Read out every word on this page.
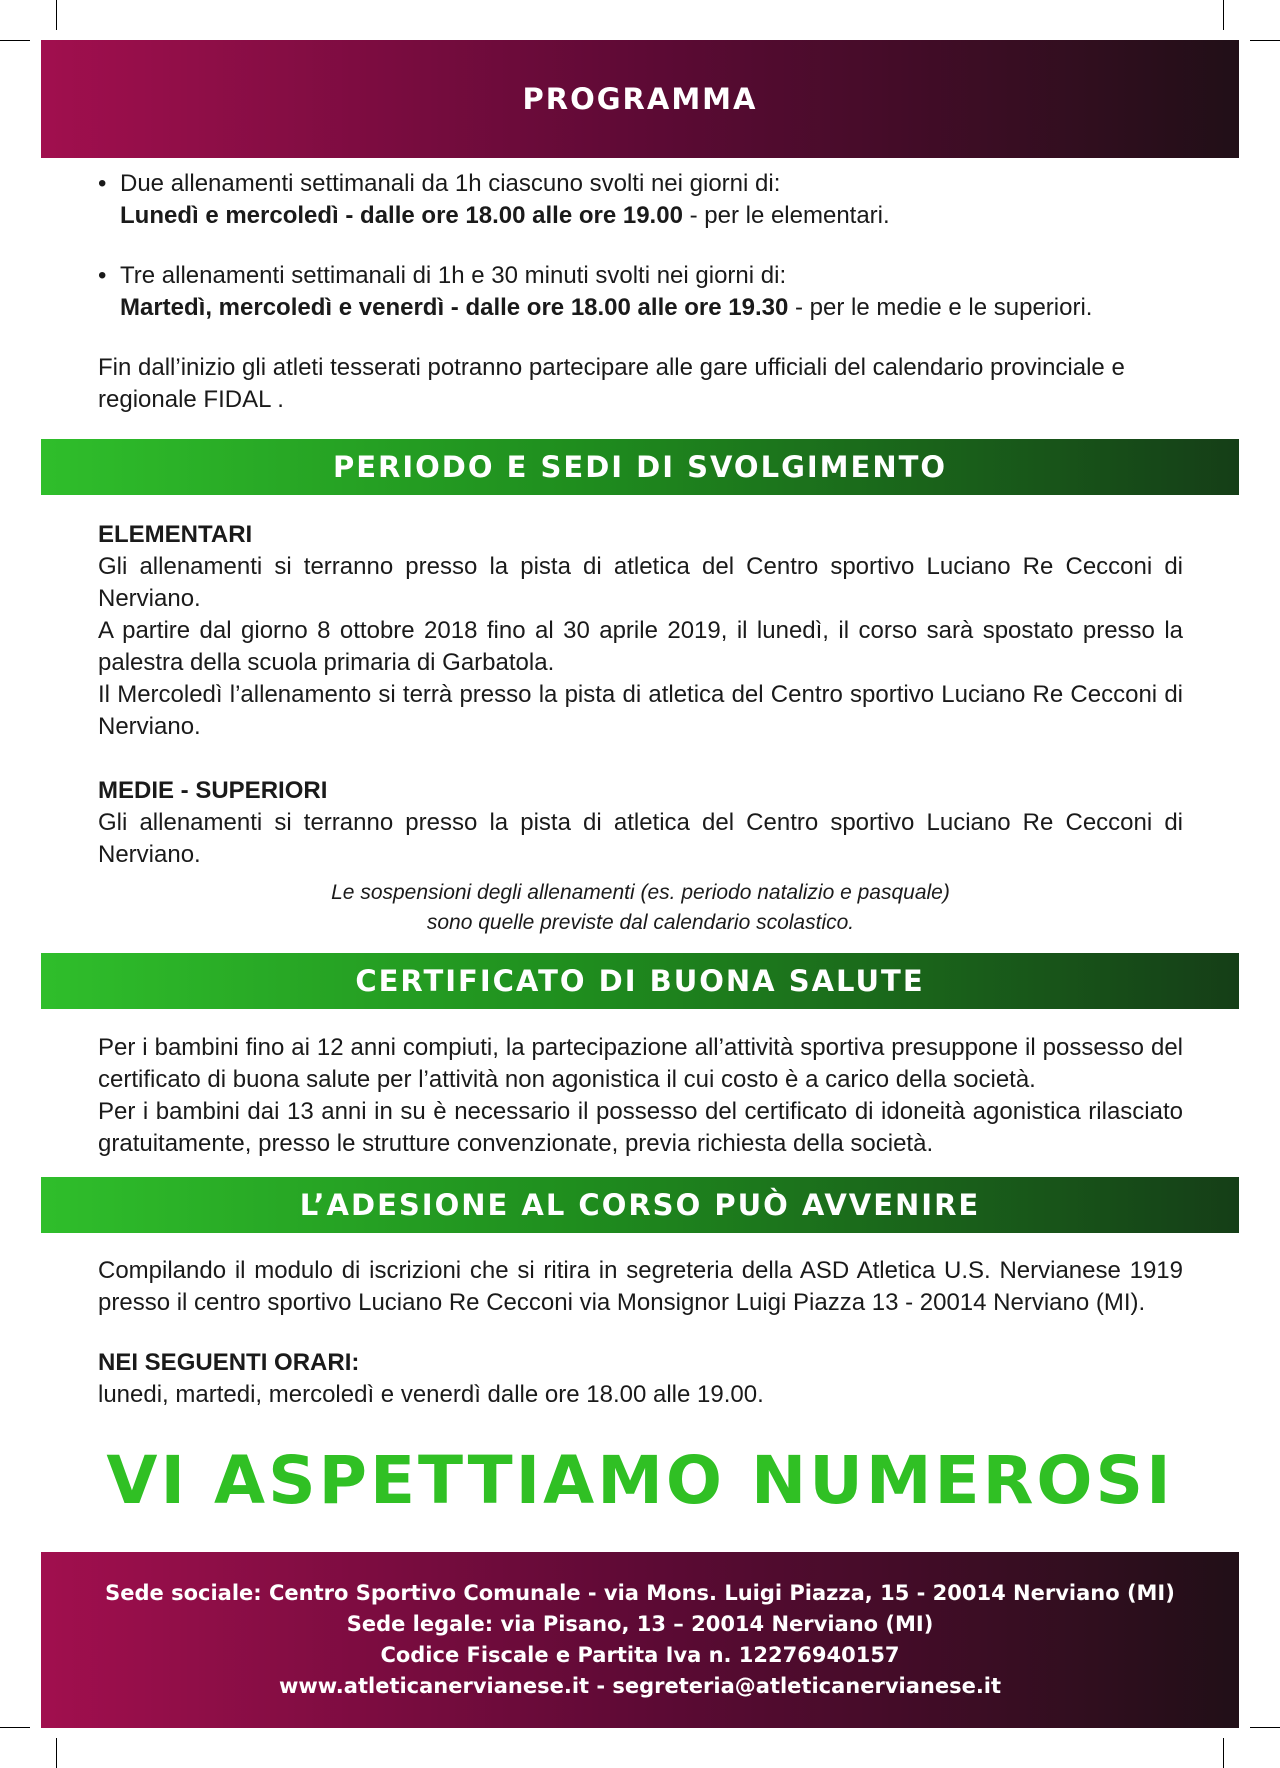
PROGRAMMA

• Due allenamenti settimanali da 1h ciascuno svolti nei giorni di:
Lunedì e mercoledì - dalle ore 18.00 alle ore 19.00 - per le elementari.

• Tre allenamenti settimanali di 1h e 30 minuti svolti nei giorni di:
Martedì, mercoledì e venerdì - dalle ore 18.00 alle ore 19.30 - per le medie e le superiori.

Fin dall’inizio gli atleti tesserati potranno partecipare alle gare ufficiali del calendario provinciale e regionale FIDAL .

PERIODO E SEDI DI SVOLGIMENTO

ELEMENTARI

Gli allenamenti si terranno presso la pista di atletica del Centro sportivo Luciano Re Cecconi di Nerviano.

A partire dal giorno 8 ottobre 2018 fino al 30 aprile 2019, il lunedì, il corso sarà spostato presso la palestra della scuola primaria di Garbatola.

Il Mercoledì l’allenamento si terrà presso la pista di atletica del Centro sportivo Luciano Re Cecconi di Nerviano.

MEDIE - SUPERIORI

Gli allenamenti si terranno presso la pista di atletica del Centro sportivo Luciano Re Cecconi di Nerviano.

Le sospensioni degli allenamenti (es. periodo natalizio e pasquale)
sono quelle previste dal calendario scolastico.
CERTIFICATO DI BUONA SALUTE

Per i bambini fino ai 12 anni compiuti, la partecipazione all’attività sportiva presuppone il possesso del certificato di buona salute per l’attività non agonistica il cui costo è a carico della società.

Per i bambini dai 13 anni in su è necessario il possesso del certificato di idoneità agonistica rilasciato gratuitamente, presso le strutture convenzionate, previa richiesta della società.

L’ADESIONE AL CORSO PUÒ AVVENIRE

Compilando il modulo di iscrizioni che si ritira in segreteria della ASD Atletica U.S. Nervianese 1919 presso il centro sportivo Luciano Re Cecconi via Monsignor Luigi Piazza 13 - 20014 Nerviano (MI).

NEI SEGUENTI ORARI:

lunedi, martedi, mercoledì e venerdì dalle ore 18.00 alle 19.00.

VI ASPETTIAMO NUMEROSI
Sede sociale: Centro Sportivo Comunale - via Mons. Luigi Piazza, 15 - 20014 Nerviano (MI)
Sede legale: via Pisano, 13 – 20014 Nerviano (MI)
Codice Fiscale e Partita Iva n. 12276940157
www.atleticanervianese.it - segreteria@atleticanervianese.it
